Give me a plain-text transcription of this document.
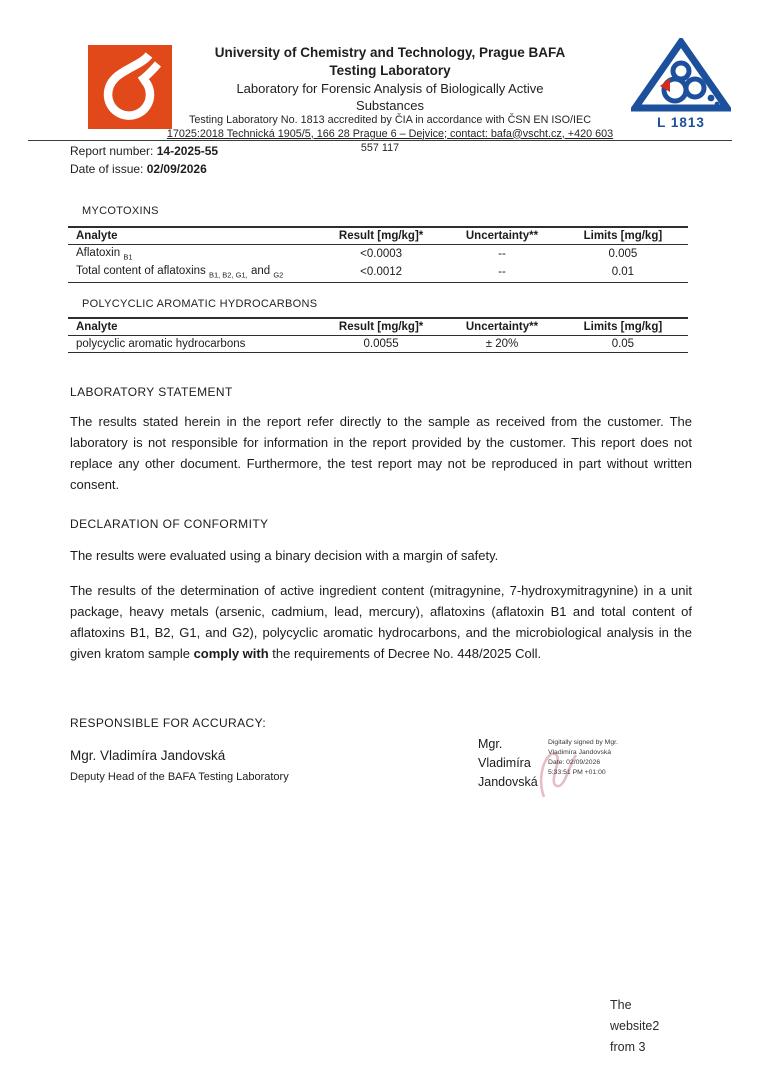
University of Chemistry and Technology, Prague BAFA
Testing Laboratory
Laboratory for Forensic Analysis of Biologically Active
Substances
Testing Laboratory No. 1813 accredited by ČIA in accordance with ČSN EN ISO/IEC
17025:2018 Technická 1905/5, 166 28 Prague 6 – Dejvice; contact: bafa@vscht.cz, +420 603
L 1813
557 117
Report number: 14-2025-55
Date of issue: 02/09/2026
MYCOTOXINS
Analyte	Result [mg/kg]*	Uncertainty**	Limits [mg/kg]
Aflatoxin $_{B1}$	<0.0003	--	0.005
Total content of aflatoxins $_{B1, B2, G1,}$ and $_{G2}$	<0.0012	--	0.01
POLYCYCLIC AROMATIC HYDROCARBONS
Analyte	Result [mg/kg]*	Uncertainty**	Limits [mg/kg]
polycyclic aromatic hydrocarbons	0.0055	± 20%	0.05
LABORATORY STATEMENT
The results stated herein in the report refer directly to the sample as received from the customer. The laboratory is not responsible for information in the report provided by the customer. This report does not replace any other document. Furthermore, the test report may not be reproduced in part without written consent.
DECLARATION OF CONFORMITY
The results were evaluated using a binary decision with a margin of safety.
The results of the determination of active ingredient content (mitragynine, 7-hydroxymitragynine) in a unit package, heavy metals (arsenic, cadmium, lead, mercury), aflatoxins (aflatoxin B1 and total content of aflatoxins B1, B2, G1, and G2), polycyclic aromatic hydrocarbons, and the microbiological analysis in the given kratom sample comply with the requirements of Decree No. 448/2025 Coll.
RESPONSIBLE FOR ACCURACY:
Mgr. Vladimíra Jandovská
Deputy Head of the BAFA Testing Laboratory
Mgr.
Vladimíra
Jandovská
Digitally signed by Mgr.
Vladimíra Jandovská
Date: 02/09/2026
5:33:51 PM +01:00
The
website2
from 3
